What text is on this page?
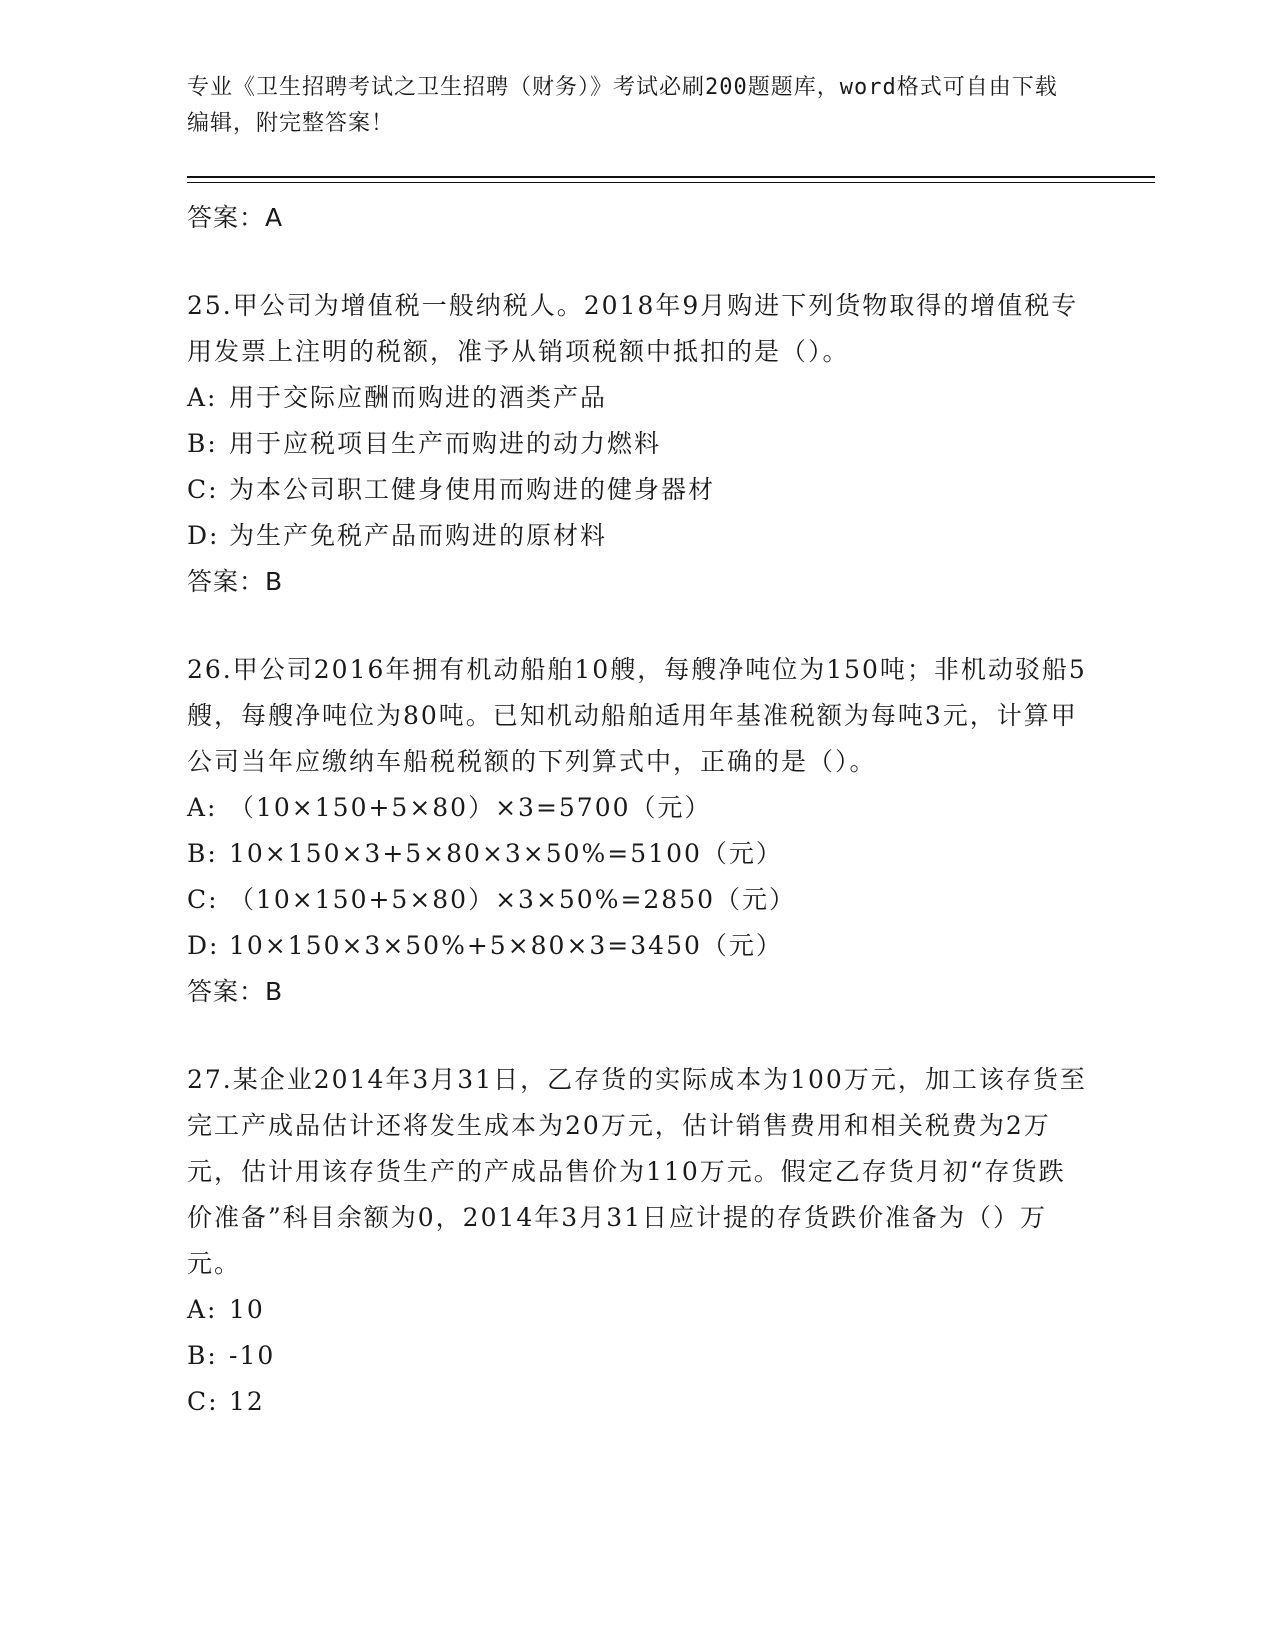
专业《卫生招聘考试之卫生招聘（财务）》考试必刷200题题库，word格式可自由下载编辑，附完整答案！

答案：A

25.甲公司为增值税一般纳税人。2018年9月购进下列货物取得的增值税专用发票上注明的税额，准予从销项税额中抵扣的是（）。

A: 用于交际应酬而购进的酒类产品

B: 用于应税项目生产而购进的动力燃料

C: 为本公司职工健身使用而购进的健身器材

D: 为生产免税产品而购进的原材料

答案：B

26.甲公司2016年拥有机动船舶10艘，每艘净吨位为150吨；非机动驳船5艘，每艘净吨位为80吨。已知机动船舶适用年基准税额为每吨3元，计算甲公司当年应缴纳车船税税额的下列算式中，正确的是（）。

A: （10×150+5×80）×3=5700（元）

B: 10×150×3+5×80×3×50%=5100（元）

C: （10×150+5×80）×3×50%=2850（元）

D: 10×150×3×50%+5×80×3=3450（元）

答案：B

27.某企业2014年3月31日，乙存货的实际成本为100万元，加工该存货至完工产成品估计还将发生成本为20万元，估计销售费用和相关税费为2万元，估计用该存货生产的产成品售价为110万元。假定乙存货月初“存货跌价准备”科目余额为0，2014年3月31日应计提的存货跌价准备为（）万元。

A: 10

B: -10

C: 12
